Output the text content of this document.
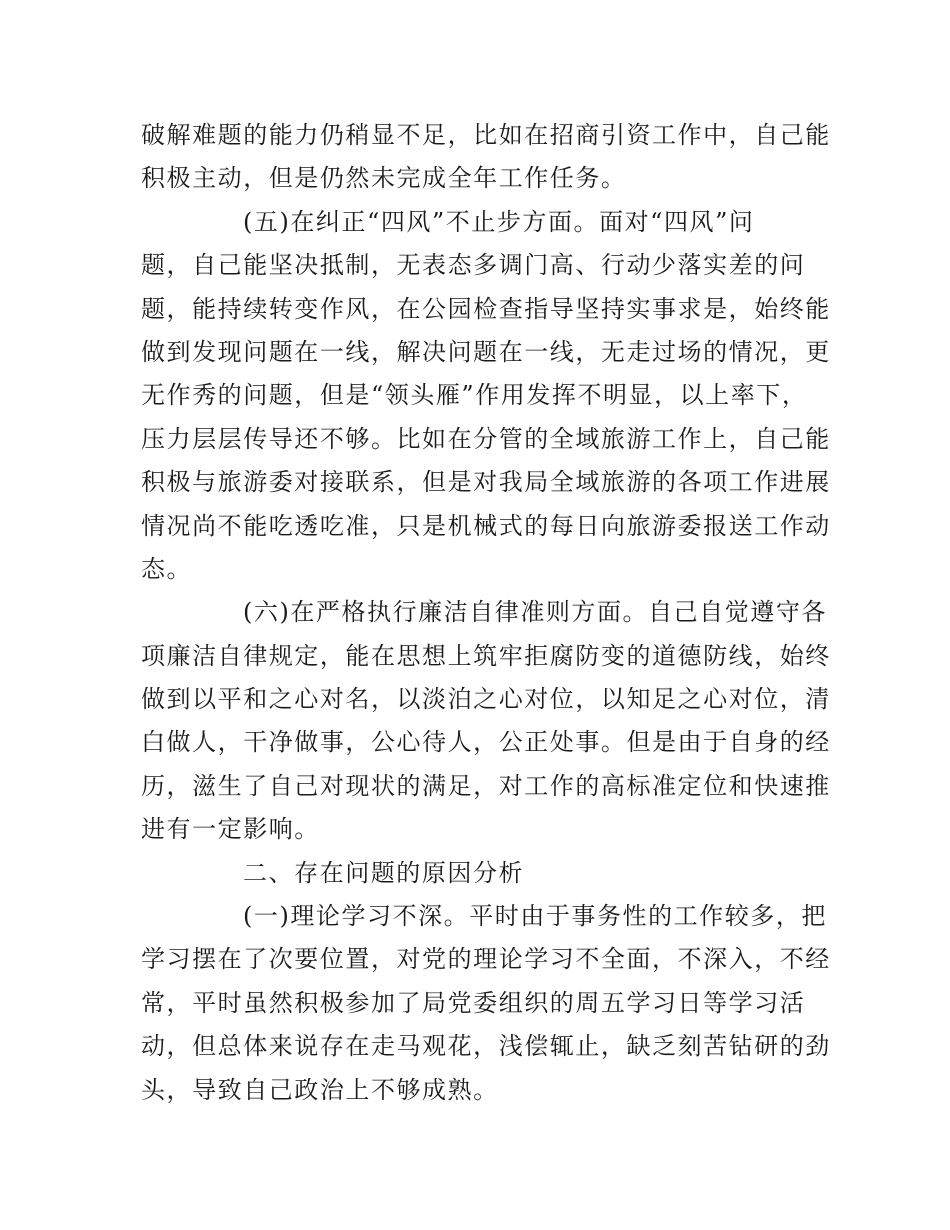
破解难题的能力仍稍显不足，比如在招商引资工作中，自己能
积极主动，但是仍然未完成全年工作任务。
(五)在纠正“四风”不止步方面。面对“四风”问
题，自己能坚决抵制，无表态多调门高、行动少落实差的问
题，能持续转变作风，在公园检查指导坚持实事求是，始终能
做到发现问题在一线，解决问题在一线，无走过场的情况，更
无作秀的问题，但是“领头雁”作用发挥不明显，以上率下，
压力层层传导还不够。比如在分管的全域旅游工作上，自己能
积极与旅游委对接联系，但是对我局全域旅游的各项工作进展
情况尚不能吃透吃准，只是机械式的每日向旅游委报送工作动
态。
(六)在严格执行廉洁自律准则方面。自己自觉遵守各
项廉洁自律规定，能在思想上筑牢拒腐防变的道德防线，始终
做到以平和之心对名，以淡泊之心对位，以知足之心对位，清
白做人，干净做事，公心待人，公正处事。但是由于自身的经
历，滋生了自己对现状的满足，对工作的高标准定位和快速推
进有一定影响。
二、存在问题的原因分析
(一)理论学习不深。平时由于事务性的工作较多，把
学习摆在了次要位置，对党的理论学习不全面，不深入，不经
常，平时虽然积极参加了局党委组织的周五学习日等学习活
动，但总体来说存在走马观花，浅偿辄止，缺乏刻苦钻研的劲
头，导致自己政治上不够成熟。
